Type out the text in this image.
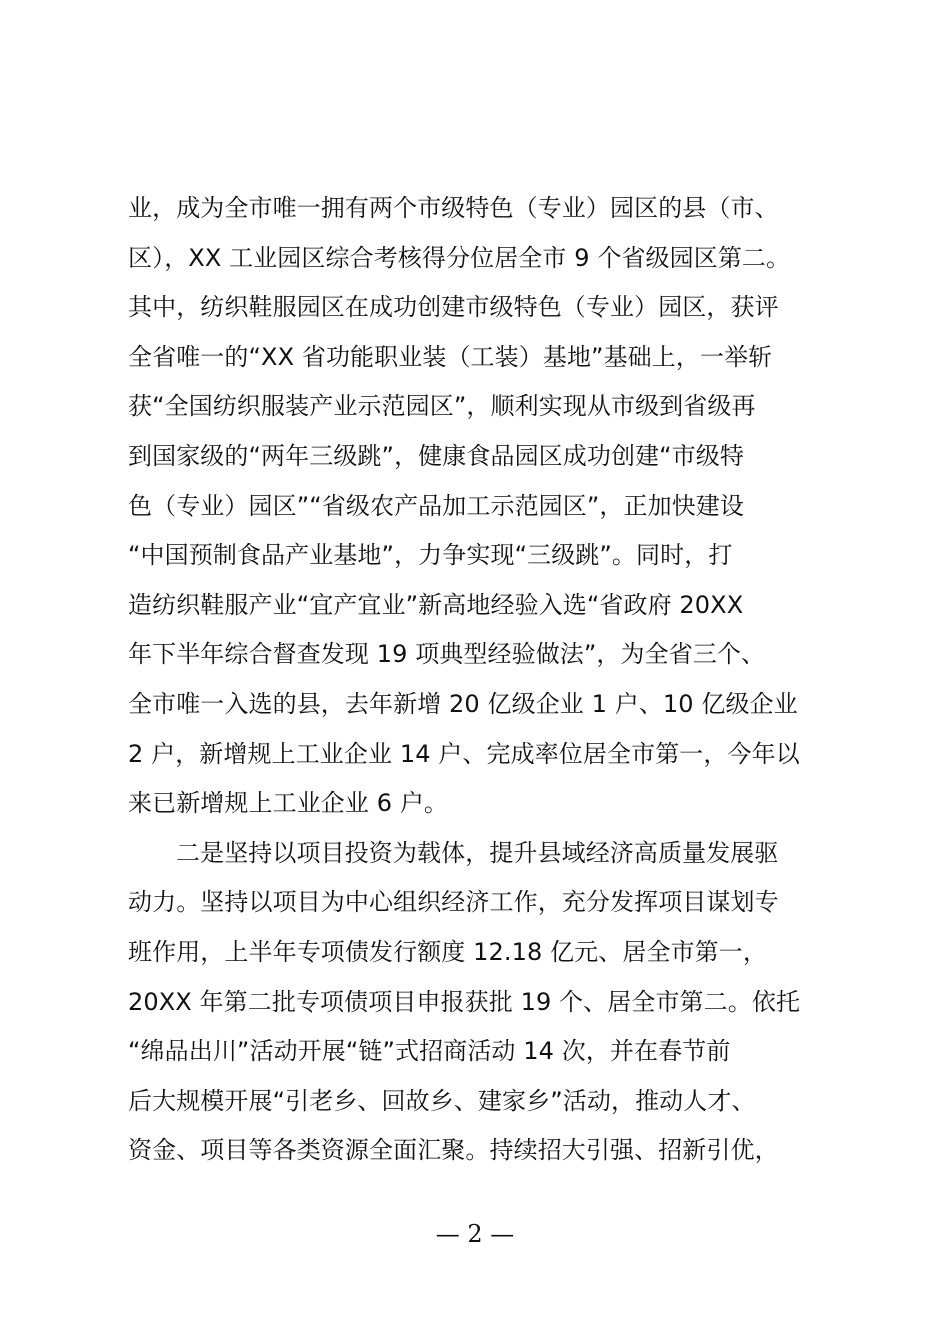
业，成为全市唯一拥有两个市级特色（专业）园区的县（市、
区），XX 工业园区综合考核得分位居全市 9 个省级园区第二。
其中，纺织鞋服园区在成功创建市级特色（专业）园区，获评
全省唯一的“XX 省功能职业装（工装）基地”基础上，一举斩
获“全国纺织服装产业示范园区”，顺利实现从市级到省级再
到国家级的“两年三级跳”，健康食品园区成功创建“市级特
色（专业）园区”“省级农产品加工示范园区”，正加快建设
“中国预制食品产业基地”，力争实现“三级跳”。同时，打
造纺织鞋服产业“宜产宜业”新高地经验入选“省政府 20XX
年下半年综合督查发现 19 项典型经验做法”，为全省三个、
全市唯一入选的县，去年新增 20 亿级企业 1 户、10 亿级企业
2 户，新增规上工业企业 14 户、完成率位居全市第一，今年以
来已新增规上工业企业 6 户。
二是坚持以项目投资为载体，提升县域经济高质量发展驱
动力。坚持以项目为中心组织经济工作，充分发挥项目谋划专
班作用，上半年专项债发行额度 12.18 亿元、居全市第一，
20XX 年第二批专项债项目申报获批 19 个、居全市第二。依托
“绵品出川”活动开展“链”式招商活动 14 次，并在春节前
后大规模开展“引老乡、回故乡、建家乡”活动，推动人才、
资金、项目等各类资源全面汇聚。持续招大引强、招新引优，
— 2 —
